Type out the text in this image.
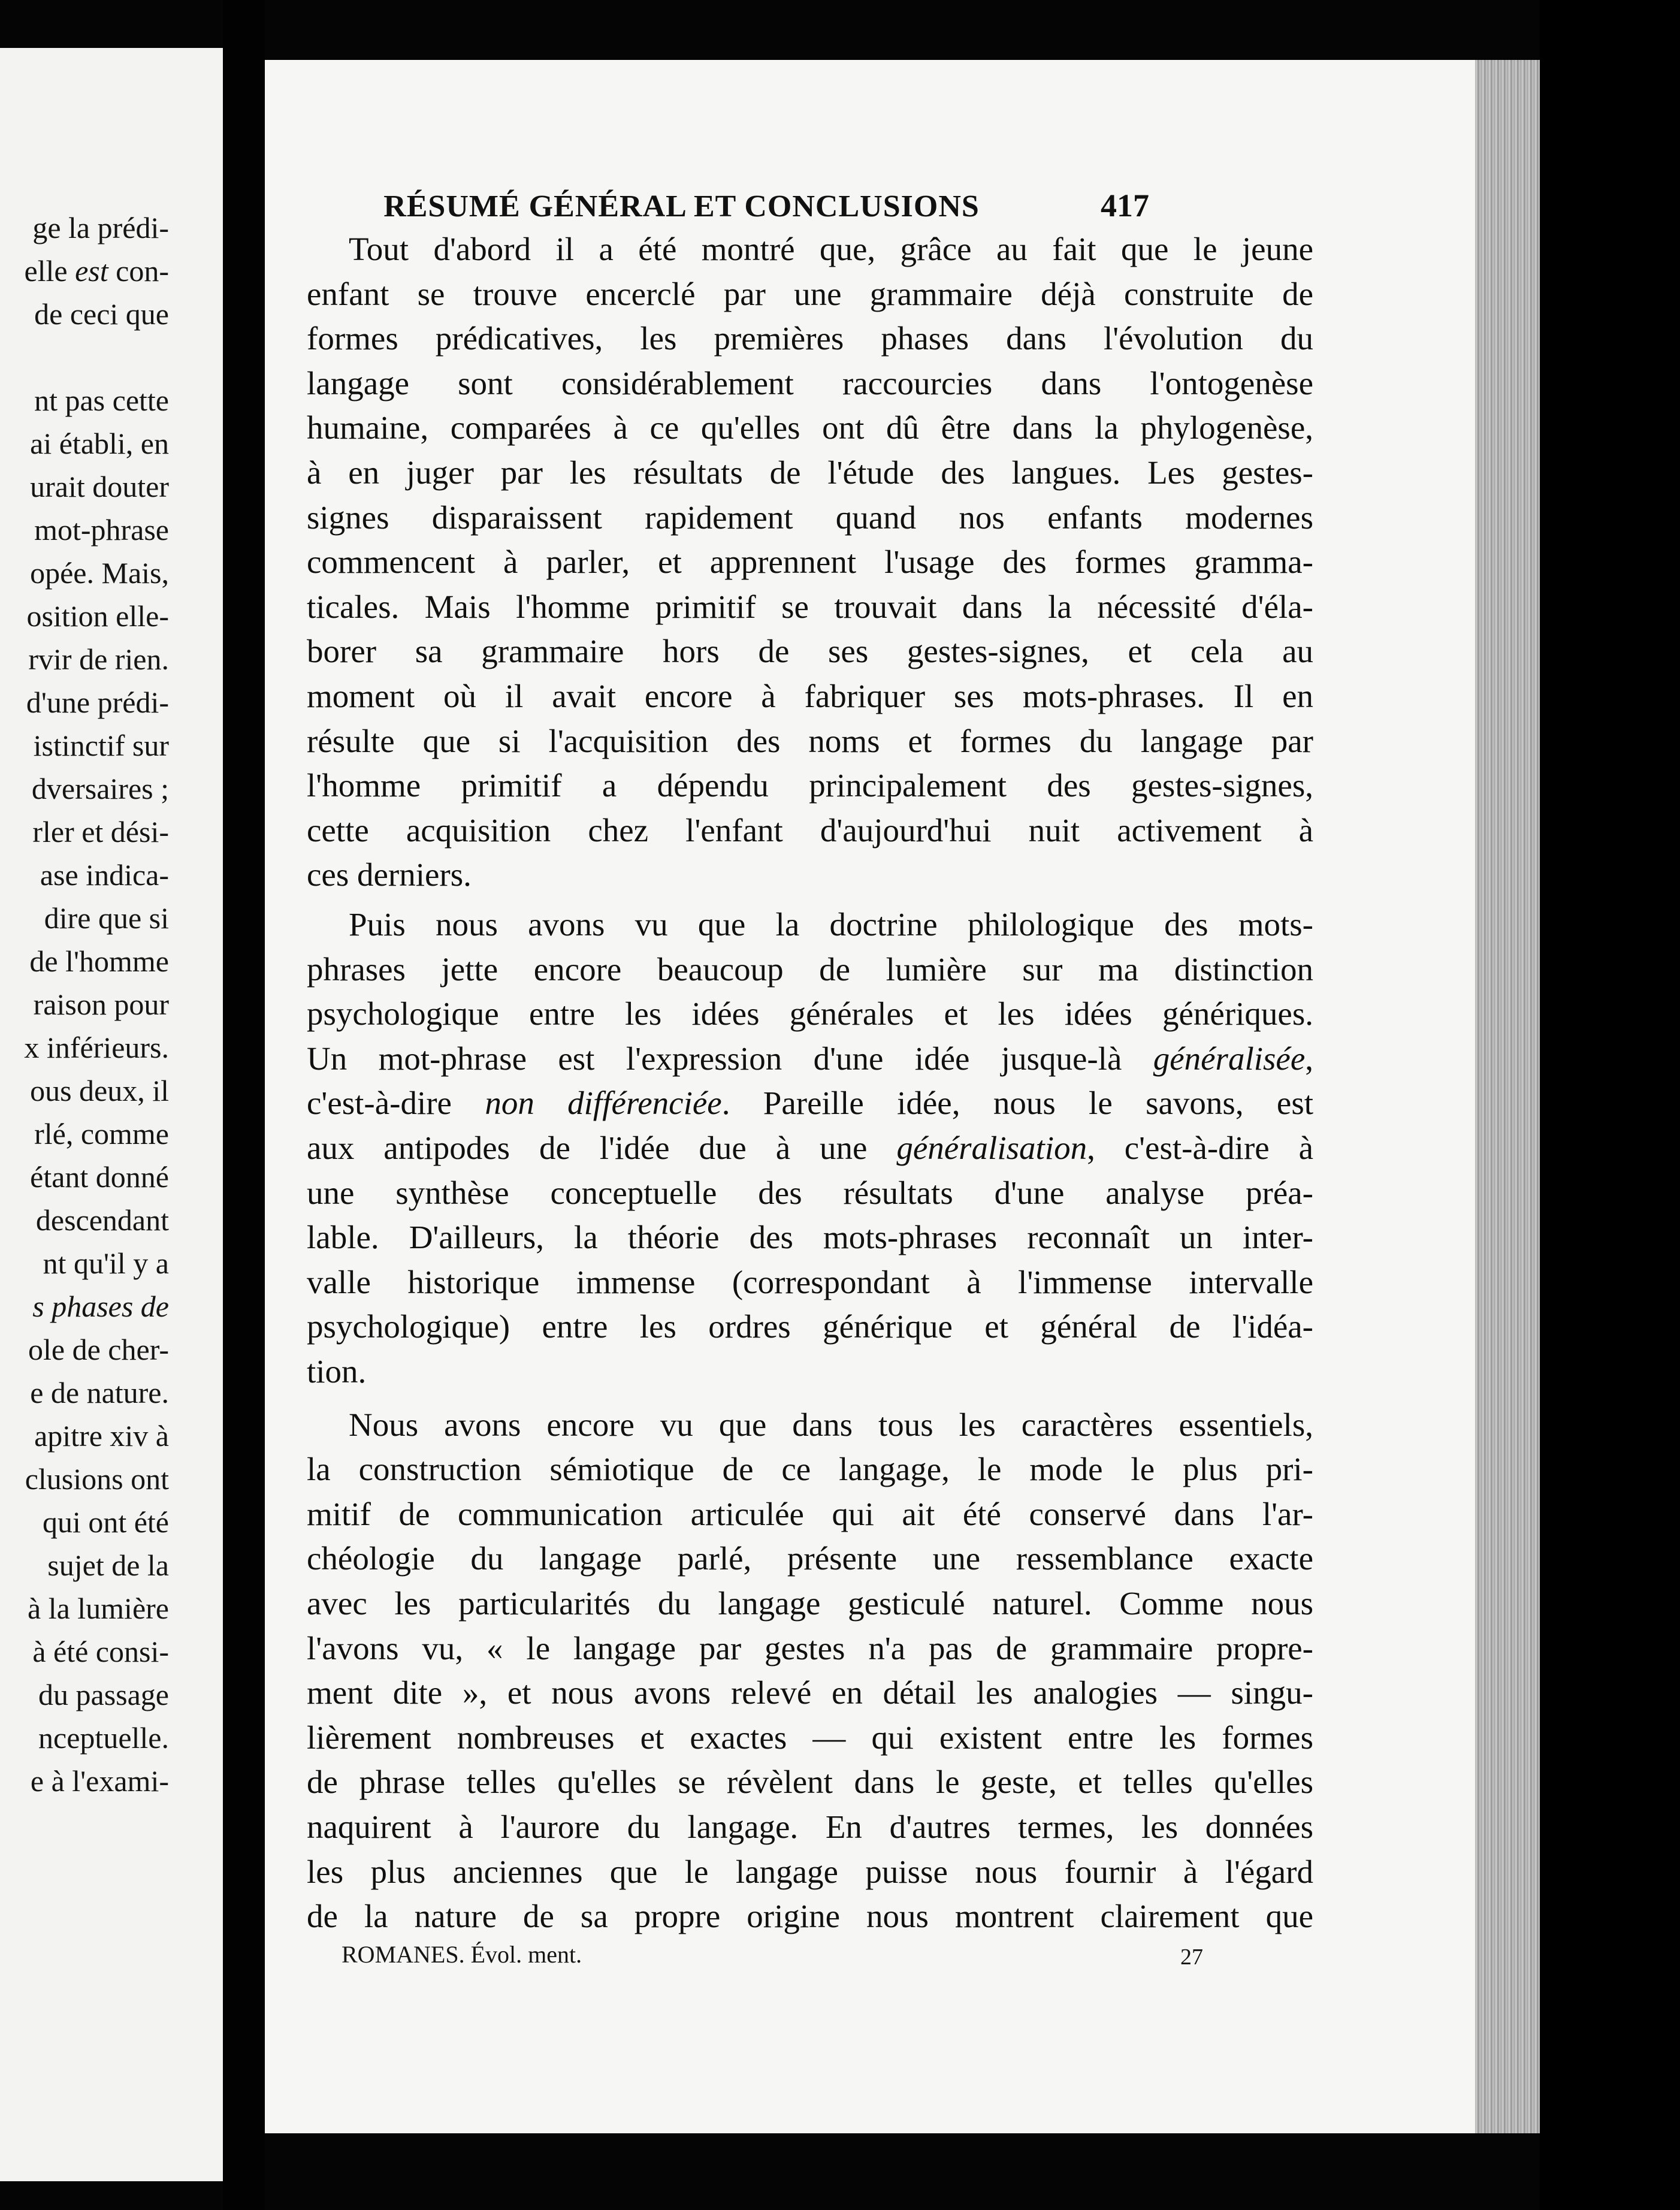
ge la prédi-
elle est con-
de ceci que
nt pas cette
ai établi, en
urait douter
mot-phrase
opée. Mais,
osition elle-
rvir de rien.
d'une prédi-
istinctif sur
dversaires ;
rler et dési-
ase indica-
dire que si
de l'homme
raison pour
x inférieurs.
ous deux, il
rlé, comme
étant donné
descendant
nt qu'il y a
s phases de
ole de cher-
e de nature.
apitre xiv à
clusions ont
qui ont été
sujet de la
à la lumière
à été consi-
du passage
nceptuelle.
e à l'exami-
RÉSUMÉ GÉNÉRAL ET CONCLUSIONS	417
Tout d'abord il a été montré que, grâce au fait que le jeune
enfant se trouve encerclé par une grammaire déjà construite de
formes prédicatives, les premières phases dans l'évolution du
langage sont considérablement raccourcies dans l'ontogenèse
humaine, comparées à ce qu'elles ont dû être dans la phylogenèse,
à en juger par les résultats de l'étude des langues. Les gestes-
signes disparaissent rapidement quand nos enfants modernes
commencent à parler, et apprennent l'usage des formes gramma-
ticales. Mais l'homme primitif se trouvait dans la nécessité d'éla-
borer sa grammaire hors de ses gestes-signes, et cela au
moment où il avait encore à fabriquer ses mots-phrases. Il en
résulte que si l'acquisition des noms et formes du langage par
l'homme primitif a dépendu principalement des gestes-signes,
cette acquisition chez l'enfant d'aujourd'hui nuit activement à
ces derniers.
Puis nous avons vu que la doctrine philologique des mots-
phrases jette encore beaucoup de lumière sur ma distinction
psychologique entre les idées générales et les idées génériques.
Un mot-phrase est l'expression d'une idée jusque-là généralisée,
c'est-à-dire non différenciée. Pareille idée, nous le savons, est
aux antipodes de l'idée due à une généralisation, c'est-à-dire à
une synthèse conceptuelle des résultats d'une analyse préa-
lable. D'ailleurs, la théorie des mots-phrases reconnaît un inter-
valle historique immense (correspondant à l'immense intervalle
psychologique) entre les ordres générique et général de l'idéa-
tion.
Nous avons encore vu que dans tous les caractères essentiels,
la construction sémiotique de ce langage, le mode le plus pri-
mitif de communication articulée qui ait été conservé dans l'ar-
chéologie du langage parlé, présente une ressemblance exacte
avec les particularités du langage gesticulé naturel. Comme nous
l'avons vu, « le langage par gestes n'a pas de grammaire propre-
ment dite », et nous avons relevé en détail les analogies — singu-
lièrement nombreuses et exactes — qui existent entre les formes
de phrase telles qu'elles se révèlent dans le geste, et telles qu'elles
naquirent à l'aurore du langage. En d'autres termes, les données
les plus anciennes que le langage puisse nous fournir à l'égard
de la nature de sa propre origine nous montrent clairement que
ROMANES. Évol. ment.	27
